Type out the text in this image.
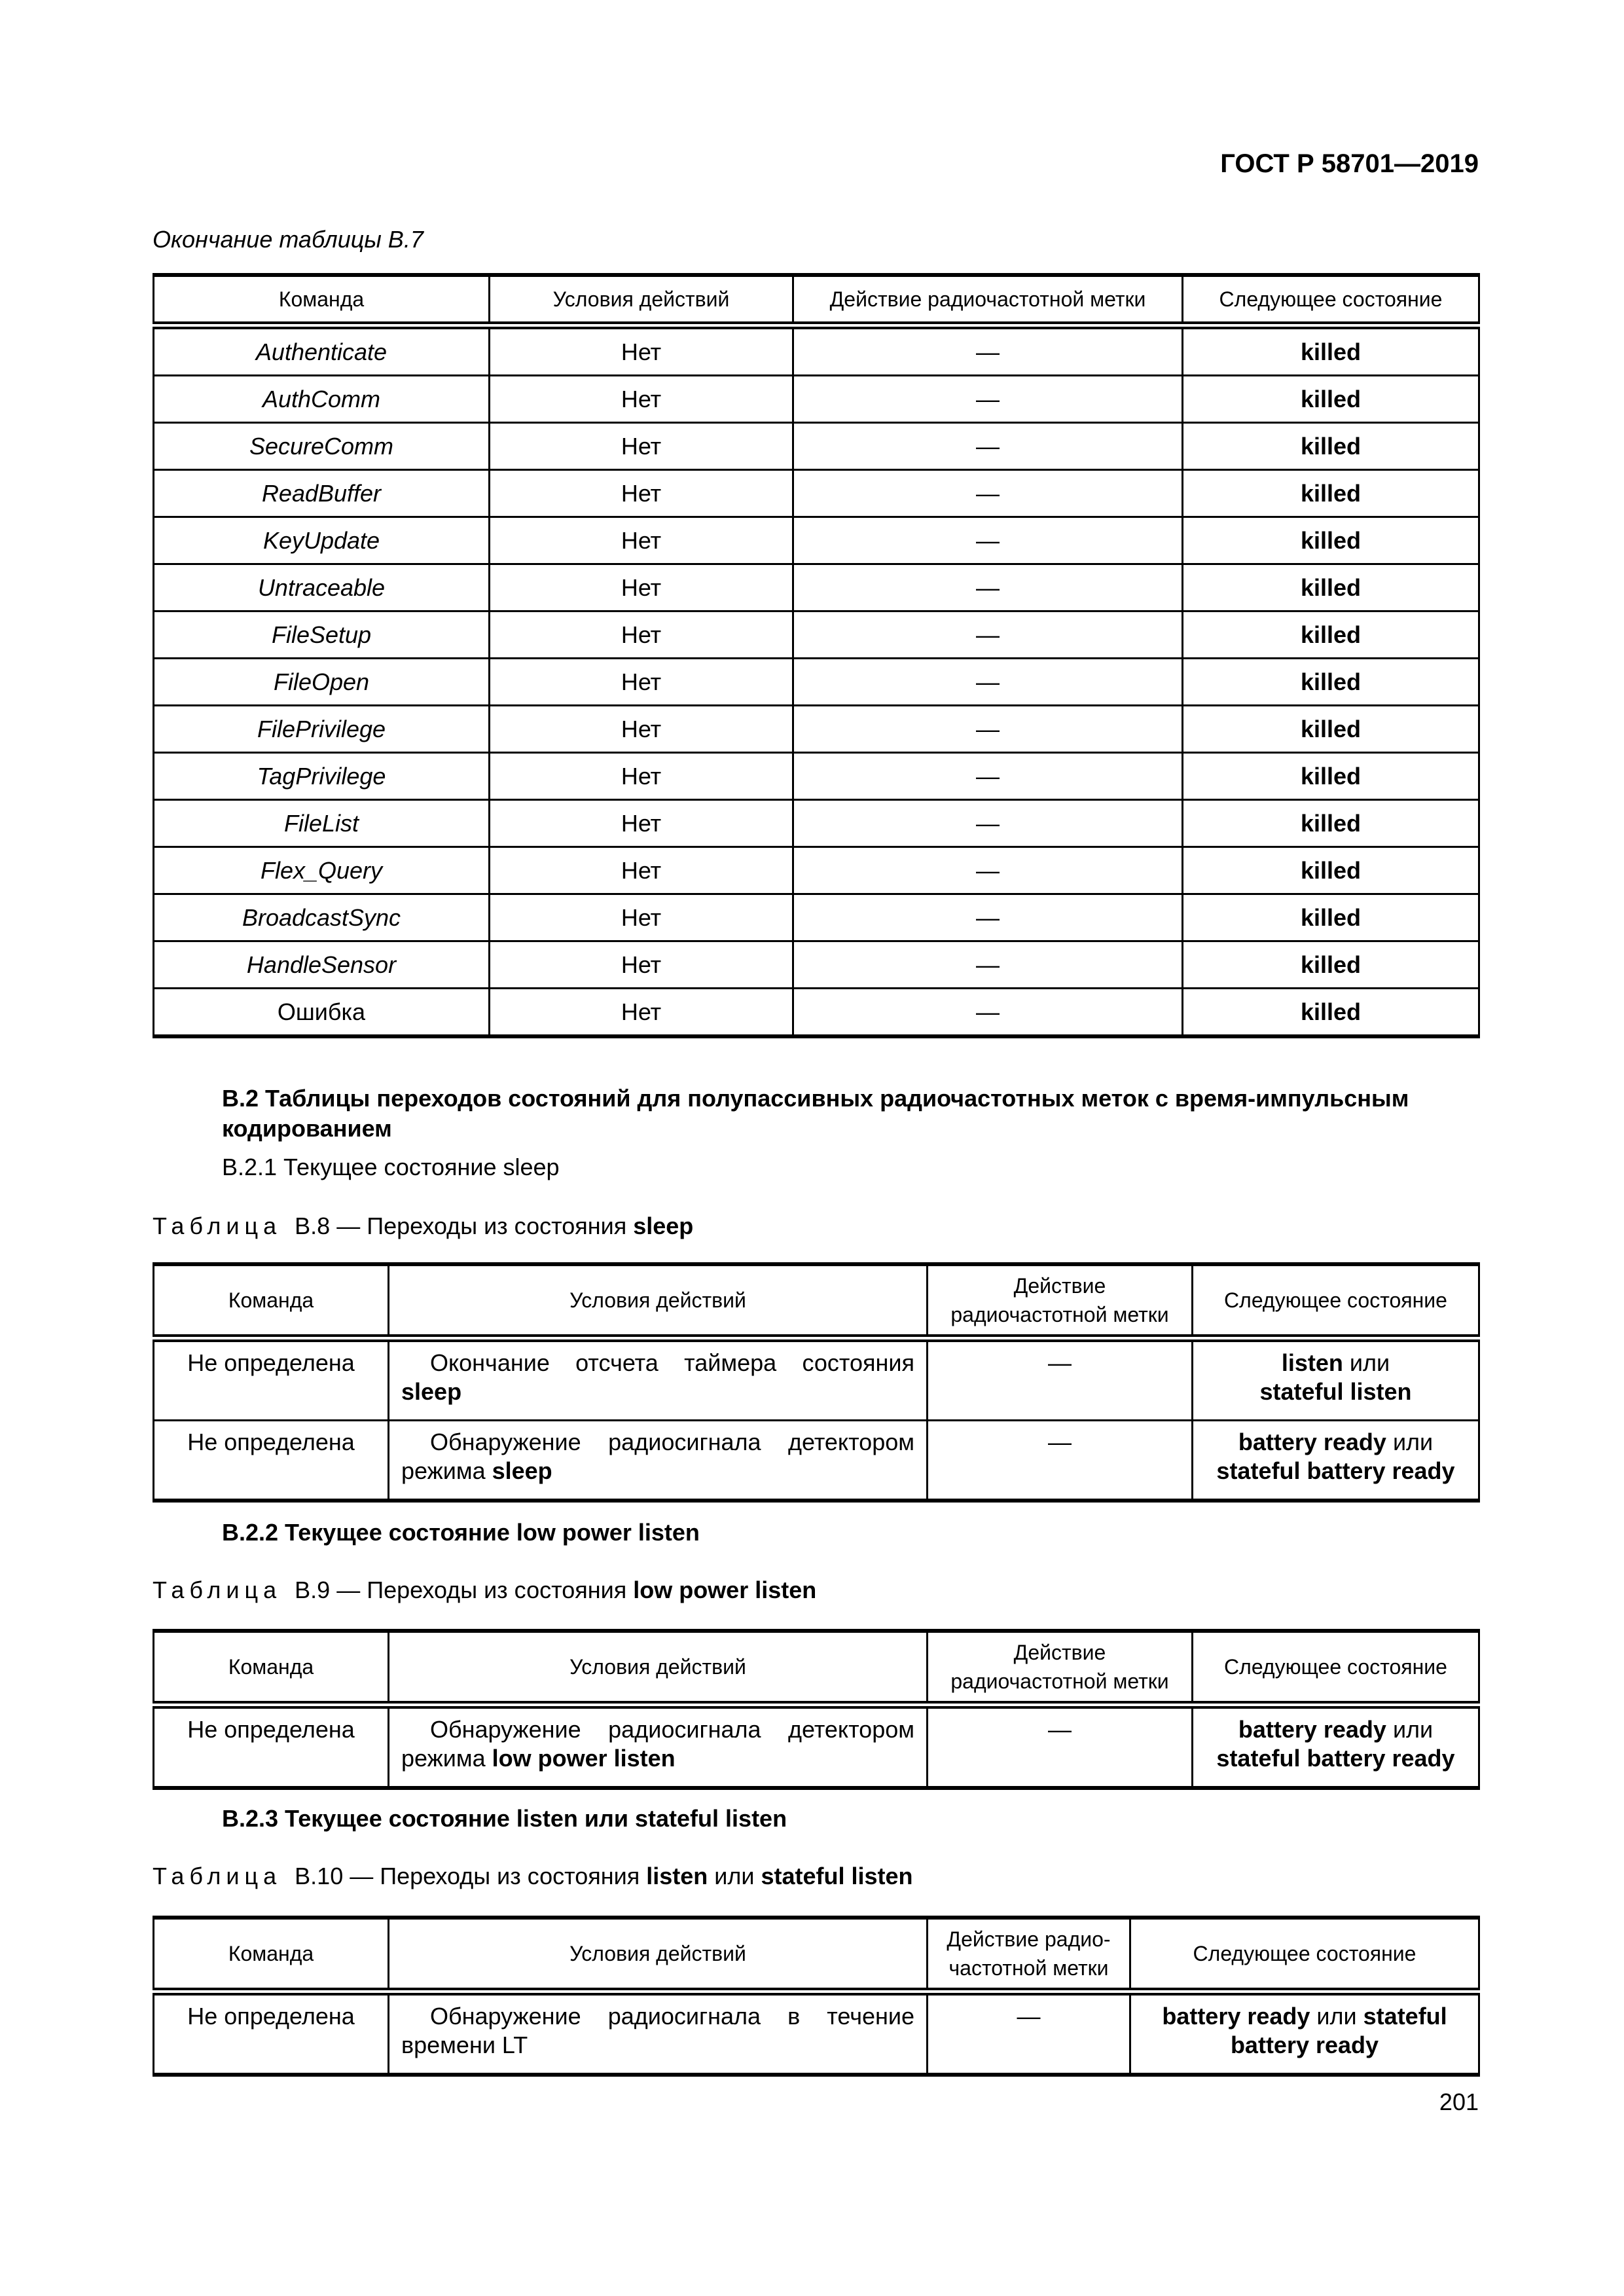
ГОСТ Р 58701—2019
Окончание таблицы В.7
Команда	Условия действий	Действие радиочастотной метки	Следующее состояние
Authenticate	Нет	—	killed
AuthComm	Нет	—	killed
SecureComm	Нет	—	killed
ReadBuffer	Нет	—	killed
KeyUpdate	Нет	—	killed
Untraceable	Нет	—	killed
FileSetup	Нет	—	killed
FileOpen	Нет	—	killed
FilePrivilege	Нет	—	killed
TagPrivilege	Нет	—	killed
FileList	Нет	—	killed
Flex_Query	Нет	—	killed
BroadcastSync	Нет	—	killed
HandleSensor	Нет	—	killed
Ошибка	Нет	—	killed
В.2 Таблицы переходов состояний для полупассивных радиочастотных меток с время-импульсным кодированием
В.2.1 Текущее состояние sleep
Таблица В.8 — Переходы из состояния sleep
Команда	Условия действий	Действие радиочастотной метки	Следующее состояние
Не определена	Окончание отсчета таймера состояния sleep	—	listen или
stateful listen
Не определена	Обнаружение радиосигнала детектором режима sleep	—	battery ready или
stateful battery ready
В.2.2 Текущее состояние low power listen
Таблица В.9 — Переходы из состояния low power listen
Команда	Условия действий	Действие радиочастотной метки	Следующее состояние
Не определена	Обнаружение радиосигнала детектором режима low power listen	—	battery ready или
stateful battery ready
В.2.3 Текущее состояние listen или stateful listen
Таблица В.10 — Переходы из состояния listen или stateful listen
Команда	Условия действий	Действие радио-частотной метки	Следующее состояние
Не определена	Обнаружение радиосигнала в течение времени LT	—	battery ready или stateful battery ready
201
